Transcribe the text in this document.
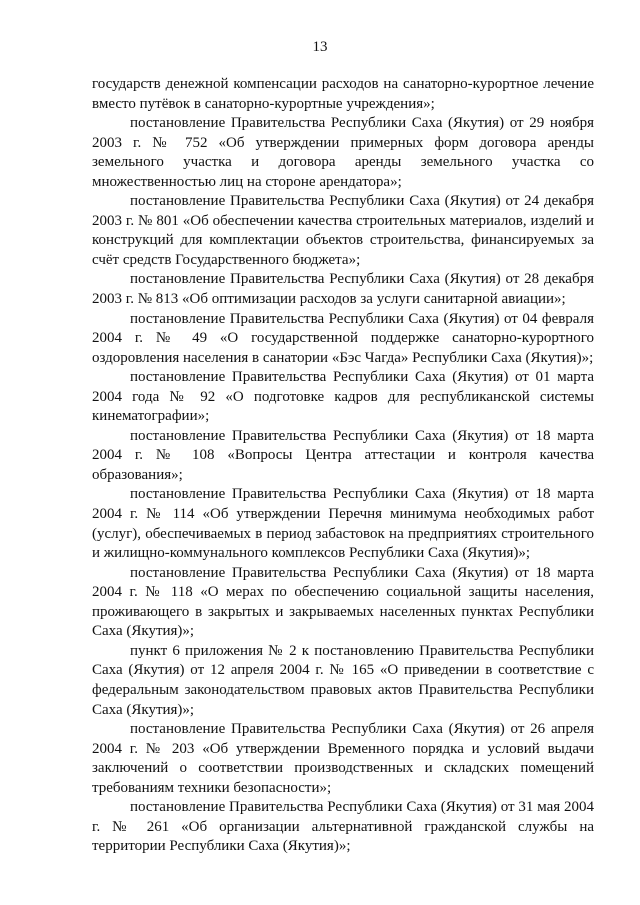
13

государств денежной компенсации расходов на санаторно-курортное лечение вместо путёвок в санаторно-курортные учреждения»;

постановление Правительства Республики Саха (Якутия) от 29 ноября 2003 г. № 752 «Об утверждении примерных форм договора аренды земельного участка и договора аренды земельного участка со множественностью лиц на стороне арендатора»;

постановление Правительства Республики Саха (Якутия) от 24 декабря 2003 г. № 801 «Об обеспечении качества строительных материалов, изделий и конструкций для комплектации объектов строительства, финансируемых за счёт средств Государственного бюджета»;

постановление Правительства Республики Саха (Якутия) от 28 декабря 2003 г. № 813 «Об оптимизации расходов за услуги санитарной авиации»;

постановление Правительства Республики Саха (Якутия) от 04 февраля 2004 г. № 49 «О государственной поддержке санаторно-курортного оздоровления населения в санатории «Бэс Чагда» Республики Саха (Якутия)»;

постановление Правительства Республики Саха (Якутия) от 01 марта 2004 года № 92 «О подготовке кадров для республиканской системы кинематографии»;

постановление Правительства Республики Саха (Якутия) от 18 марта 2004 г. № 108 «Вопросы Центра аттестации и контроля качества образования»;

постановление Правительства Республики Саха (Якутия) от 18 марта 2004 г. № 114 «Об утверждении Перечня минимума необходимых работ (услуг), обеспечиваемых в период забастовок на предприятиях строительного и жилищно-коммунального комплексов Республики Саха (Якутия)»;

постановление Правительства Республики Саха (Якутия) от 18 марта 2004 г. № 118 «О мерах по обеспечению социальной защиты населения, проживающего в закрытых и закрываемых населенных пунктах Республики Саха (Якутия)»;

пункт 6 приложения № 2 к постановлению Правительства Республики Саха (Якутия) от 12 апреля 2004 г. № 165 «О приведении в соответствие с федеральным законодательством правовых актов Правительства Республики Саха (Якутия)»;

постановление Правительства Республики Саха (Якутия) от 26 апреля 2004 г. № 203 «Об утверждении Временного порядка и условий выдачи заключений о соответствии производственных и складских помещений требованиям техники безопасности»;

постановление Правительства Республики Саха (Якутия) от 31 мая 2004 г. № 261 «Об организации альтернативной гражданской службы на территории Республики Саха (Якутия)»;
